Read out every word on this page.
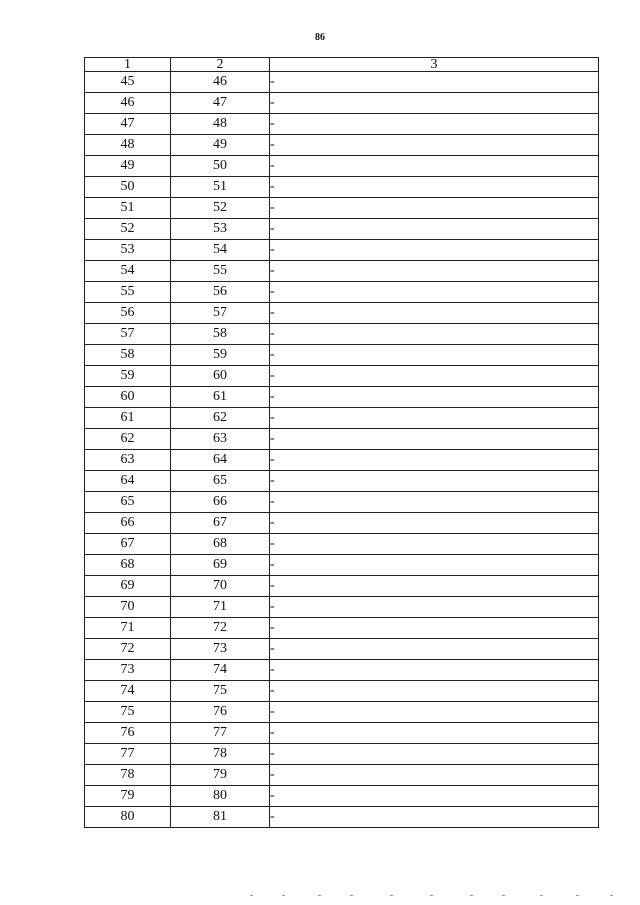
86
1	2	3
45	46	-
46	47	-
47	48	-
48	49	-
49	50	-
50	51	-
51	52	-
52	53	-
53	54	-
54	55	-
55	56	-
56	57	-
57	58	-
58	59	-
59	60	-
60	61	-
61	62	-
62	63	-
63	64	-
64	65	-
65	66	-
66	67	-
67	68	-
68	69	-
69	70	-
70	71	-
71	72	-
72	73	-
73	74	-
74	75	-
75	76	-
76	77	-
77	78	-
78	79	-
79	80	-
80	81	-
